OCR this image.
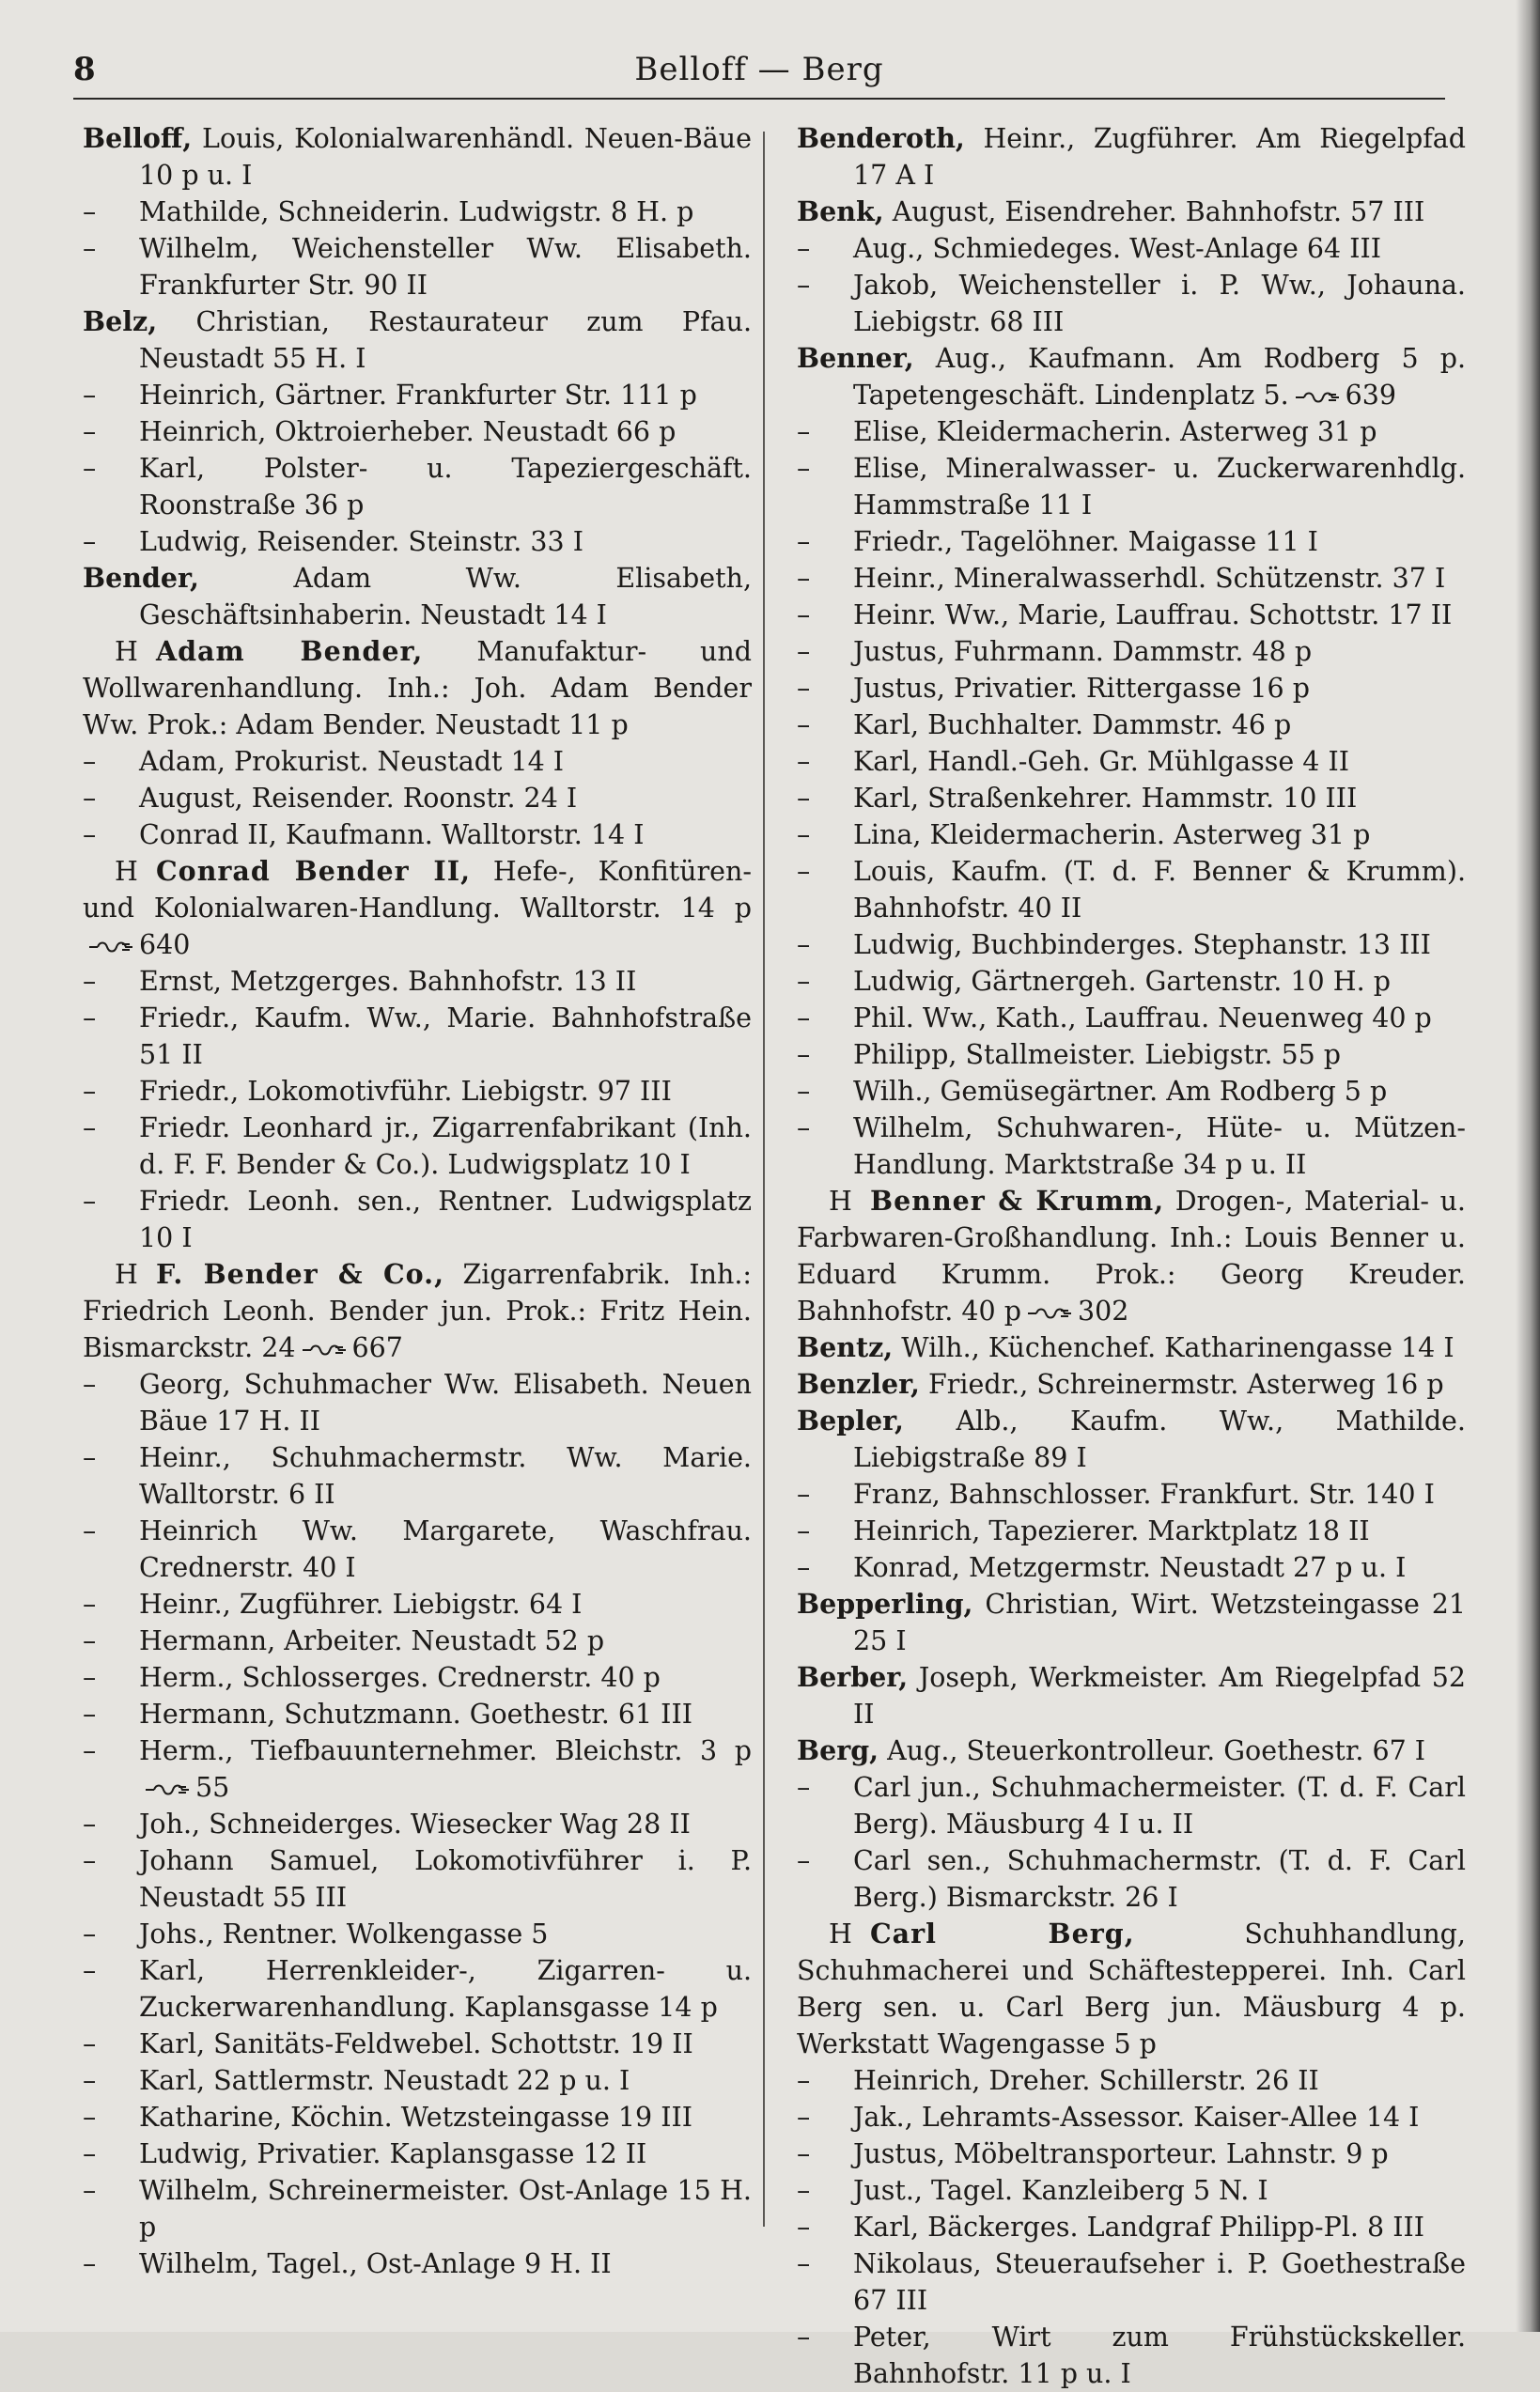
8	Belloff — Berg

Belloff, Louis, Kolonialwarenhändl. Neuen-Bäue 10 p u. I

– Mathilde, Schneiderin. Ludwigstr. 8 H. p

– Wilhelm, Weichensteller Ww. Elisabeth. Frankfurter Str. 90 II

Belz, Christian, Restaurateur zum Pfau. Neustadt 55 H. I

– Heinrich, Gärtner. Frankfurter Str. 111 p

– Heinrich, Oktroierheber. Neustadt 66 p

– Karl, Polster- u. Tapeziergeschäft. Roonstraße 36 p

– Ludwig, Reisender. Steinstr. 33 I

Bender,	Adam Ww. Elisabeth, Geschäftsinhaberin. Neustadt 14 I

H Adam Bender, Manufaktur- und Wollwarenhandlung. Inh.: Joh. Adam Bender Ww. Prok.: Adam Bender. Neustadt 11 p

– Adam, Prokurist. Neustadt 14 I

– August, Reisender. Roonstr. 24 I

– Conrad II, Kaufmann. Walltorstr. 14 I

H Conrad Bender II, Hefe-, Konfitüren- und Kolonialwaren-Handlung. Walltorstr. 14 p640

– Ernst, Metzgerges. Bahnhofstr. 13 II

– Friedr., Kaufm. Ww., Marie. Bahnhofstraße 51 II

– Friedr., Lokomotivführ. Liebigstr. 97 III

– Friedr. Leonhard jr., Zigarrenfabrikant (Inh. d. F. F. Bender & Co.). Ludwigsplatz 10 I

– Friedr. Leonh. sen., Rentner. Ludwigsplatz 10 I

H F. Bender & Co., Zigarrenfabrik. Inh.: Friedrich Leonh. Bender jun. Prok.: Fritz Hein. Bismarckstr. 24 667

– Georg, Schuhmacher Ww. Elisabeth. Neuen Bäue 17 H. II

– Heinr., Schuhmachermstr. Ww. Marie. Walltorstr. 6 II

– Heinrich Ww. Margarete, Waschfrau. Crednerstr. 40 I

– Heinr., Zugführer. Liebigstr. 64 I

– Hermann, Arbeiter. Neustadt 52 p

– Herm., Schlosserges. Crednerstr. 40 p

– Hermann, Schutzmann. Goethestr. 61 III

– Herm., Tiefbauunternehmer. Bleichstr. 3 p55

– Joh., Schneiderges. Wiesecker Wag 28 II

– Johann Samuel, Lokomotivführer i. P. Neustadt 55 III

– Johs., Rentner. Wolkengasse 5

– Karl, Herrenkleider-, Zigarren- u. Zuckerwarenhandlung. Kaplansgasse 14 p

– Karl, Sanitäts-Feldwebel. Schottstr. 19 II

– Karl, Sattlermstr. Neustadt 22 p u. I

– Katharine, Köchin. Wetzsteingasse 19 III

– Ludwig, Privatier. Kaplansgasse 12 II

– Wilhelm, Schreinermeister. Ost-Anlage 15 H. p

– Wilhelm, Tagel., Ost-Anlage 9 H. II

Benderoth, Heinr., Zugführer. Am Riegelpfad 17 A I

Benk, August, Eisendreher. Bahnhofstr. 57 III

– Aug., Schmiedeges. West-Anlage 64 III

– Jakob, Weichensteller i. P. Ww., Johauna. Liebigstr. 68 III

Benner, Aug., Kaufmann. Am Rodberg 5 p. Tapetengeschäft. Lindenplatz 5. 639

– Elise, Kleidermacherin. Asterweg 31 p

– Elise, Mineralwasser- u. Zuckerwarenhdlg. Hammstraße 11 I

– Friedr., Tagelöhner. Maigasse 11 I

– Heinr., Mineralwasserhdl. Schützenstr. 37 I

– Heinr. Ww., Marie, Lauffrau. Schottstr. 17 II

– Justus, Fuhrmann. Dammstr. 48 p

– Justus, Privatier. Rittergasse 16 p

– Karl, Buchhalter. Dammstr. 46 p

– Karl, Handl.-Geh. Gr. Mühlgasse 4 II

– Karl, Straßenkehrer. Hammstr. 10 III

– Lina, Kleidermacherin. Asterweg 31 p

– Louis, Kaufm. (T. d. F. Benner & Krumm). Bahnhofstr. 40 II

– Ludwig, Buchbinderges. Stephanstr. 13 III

– Ludwig, Gärtnergeh. Gartenstr. 10 H. p

– Phil. Ww., Kath., Lauffrau. Neuenweg 40 p

– Philipp, Stallmeister. Liebigstr. 55 p

– Wilh., Gemüsegärtner. Am Rodberg 5 p

– Wilhelm, Schuhwaren-, Hüte- u. Mützen-Handlung. Marktstraße 34 p u. II

H Benner & Krumm, Drogen-, Material- u. Farbwaren-Großhandlung. Inh.: Louis Benner u. Eduard Krumm. Prok.: Georg Kreuder. Bahnhofstr. 40 p 302

Bentz, Wilh., Küchenchef. Katharinengasse 14 I

Benzler, Friedr., Schreinermstr. Asterweg 16 p

Bepler, Alb., Kaufm. Ww., Mathilde. Liebigstraße 89 I

– Franz, Bahnschlosser. Frankfurt. Str. 140 I

– Heinrich, Tapezierer. Marktplatz 18 II

– Konrad, Metzgermstr. Neustadt 27 p u. I

Bepperling, Christian, Wirt. Wetzsteingasse 21 25 I

Berber, Joseph, Werkmeister. Am Riegelpfad 52 II

Berg, Aug., Steuerkontrolleur. Goethestr. 67 I

– Carl jun., Schuhmachermeister. (T. d. F. Carl Berg). Mäusburg 4 I u. II

– Carl sen., Schuhmachermstr. (T. d. F. Carl Berg.) Bismarckstr. 26 I

H Carl Berg,	Schuhhandlung, Schuhmacherei und Schäftestepperei. Inh. Carl Berg sen. u. Carl Berg jun. Mäusburg 4 p. Werkstatt Wagengasse 5 p

– Heinrich, Dreher. Schillerstr. 26 II

– Jak., Lehramts-Assessor. Kaiser-Allee 14 I

– Justus, Möbeltransporteur. Lahnstr. 9 p

– Just., Tagel. Kanzleiberg 5 N. I

– Karl, Bäckerges. Landgraf Philipp-Pl. 8 III

– Nikolaus, Steueraufseher i. P. Goethestraße 67 III

– Peter, Wirt zum Frühstückskeller. Bahnhofstr. 11 p u. I
